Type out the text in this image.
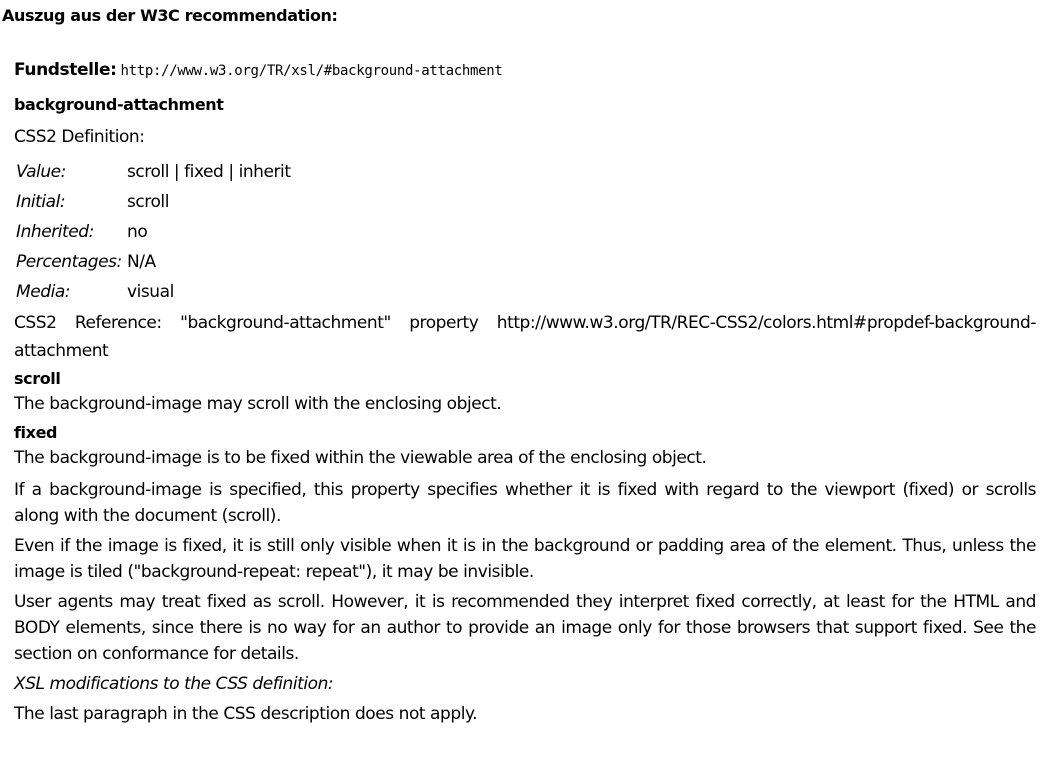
Auszug aus der W3C recommendation:

Fundstelle: http://www.w3.org/TR/xsl/#background-attachment

background-attachment

CSS2 Definition:

Value:	scroll | fixed | inherit
Initial:	scroll
Inherited:	no
Percentages:	N/A
Media:	visual

CSS2 Reference: "background-attachment" property http://www.w3.org/TR/REC-CSS2/colors.html#propdef-background-attachment

scroll

The background-image may scroll with the enclosing object.

fixed

The background-image is to be fixed within the viewable area of the enclosing object.

If a background-image is specified, this property specifies whether it is fixed with regard to the viewport (fixed) or scrolls along with the document (scroll).

Even if the image is fixed, it is still only visible when it is in the background or padding area of the element. Thus, unless the image is tiled ("background-repeat: repeat"), it may be invisible.

User agents may treat fixed as scroll. However, it is recommended they interpret fixed correctly, at least for the HTML and BODY elements, since there is no way for an author to provide an image only for those browsers that support fixed. See the section on conformance for details.

XSL modifications to the CSS definition:

The last paragraph in the CSS description does not apply.
